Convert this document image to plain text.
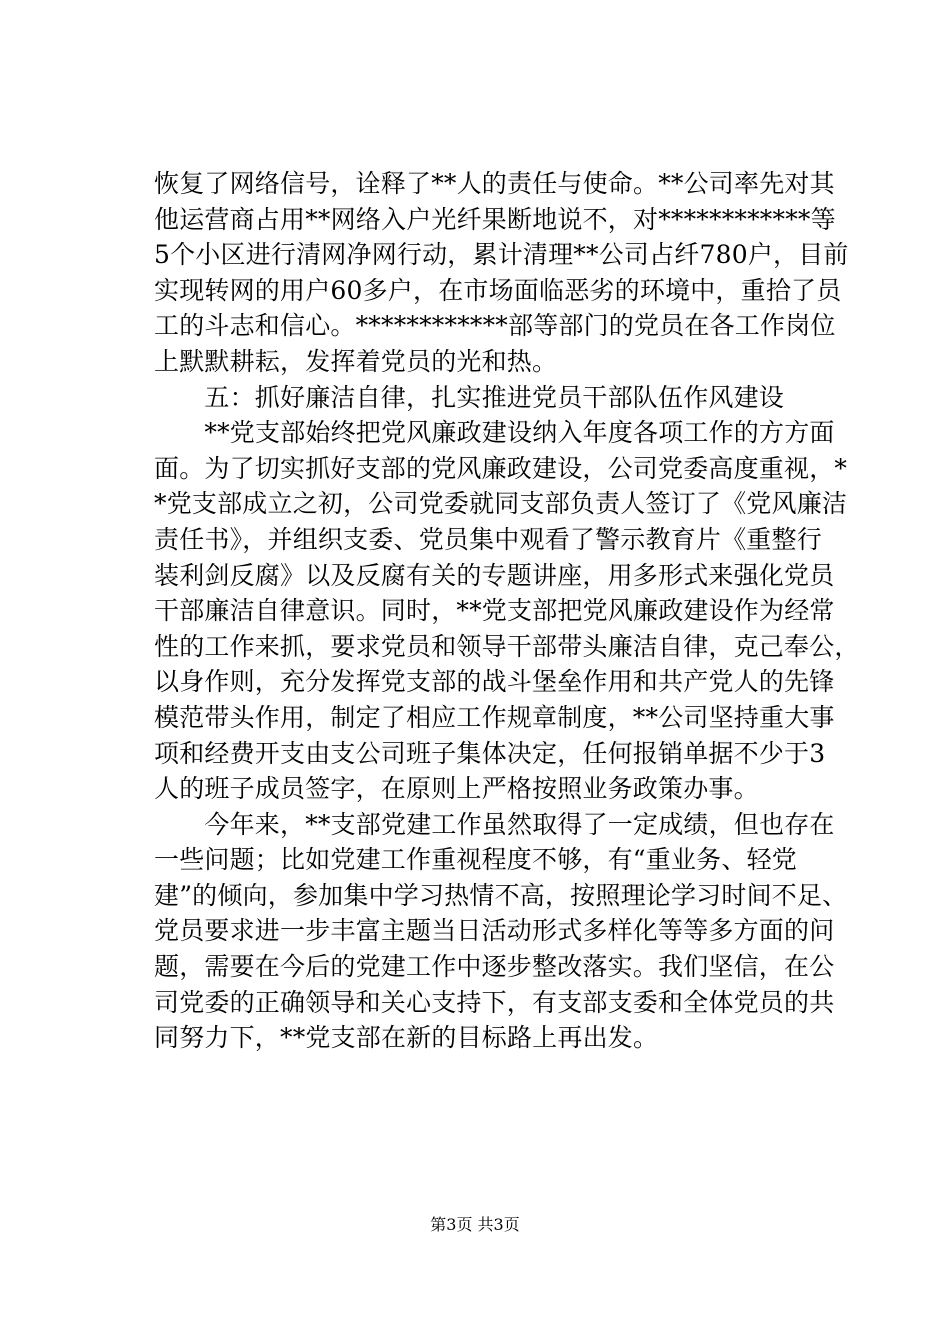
恢复了网络信号，诠释了**人的责任与使命。**公司率先对其
他运营商占用**网络入户光纤果断地说不，对************等
5个小区进行清网净网行动，累计清理**公司占纤780户，目前
实现转网的用户60多户，在市场面临恶劣的环境中，重拾了员
工的斗志和信心。************部等部门的党员在各工作岗位
上默默耕耘，发挥着党员的光和热。
　　五：抓好廉洁自律，扎实推进党员干部队伍作风建设
　　**党支部始终把党风廉政建设纳入年度各项工作的方方面
面。为了切实抓好支部的党风廉政建设，公司党委高度重视，*
*党支部成立之初，公司党委就同支部负责人签订了《党风廉洁
责任书》，并组织支委、党员集中观看了警示教育片《重整行
装利剑反腐》以及反腐有关的专题讲座，用多形式来强化党员
干部廉洁自律意识。同时，**党支部把党风廉政建设作为经常
性的工作来抓，要求党员和领导干部带头廉洁自律，克己奉公，
以身作则，充分发挥党支部的战斗堡垒作用和共产党人的先锋
模范带头作用，制定了相应工作规章制度，**公司坚持重大事
项和经费开支由支公司班子集体决定，任何报销单据不少于3
人的班子成员签字，在原则上严格按照业务政策办事。
　　今年来，**支部党建工作虽然取得了一定成绩，但也存在
一些问题；比如党建工作重视程度不够，有“重业务、轻党
建”的倾向，参加集中学习热情不高，按照理论学习时间不足、
党员要求进一步丰富主题当日活动形式多样化等等多方面的问
题，需要在今后的党建工作中逐步整改落实。我们坚信，在公
司党委的正确领导和关心支持下，有支部支委和全体党员的共
同努力下，**党支部在新的目标路上再出发。
第3页 共3页
